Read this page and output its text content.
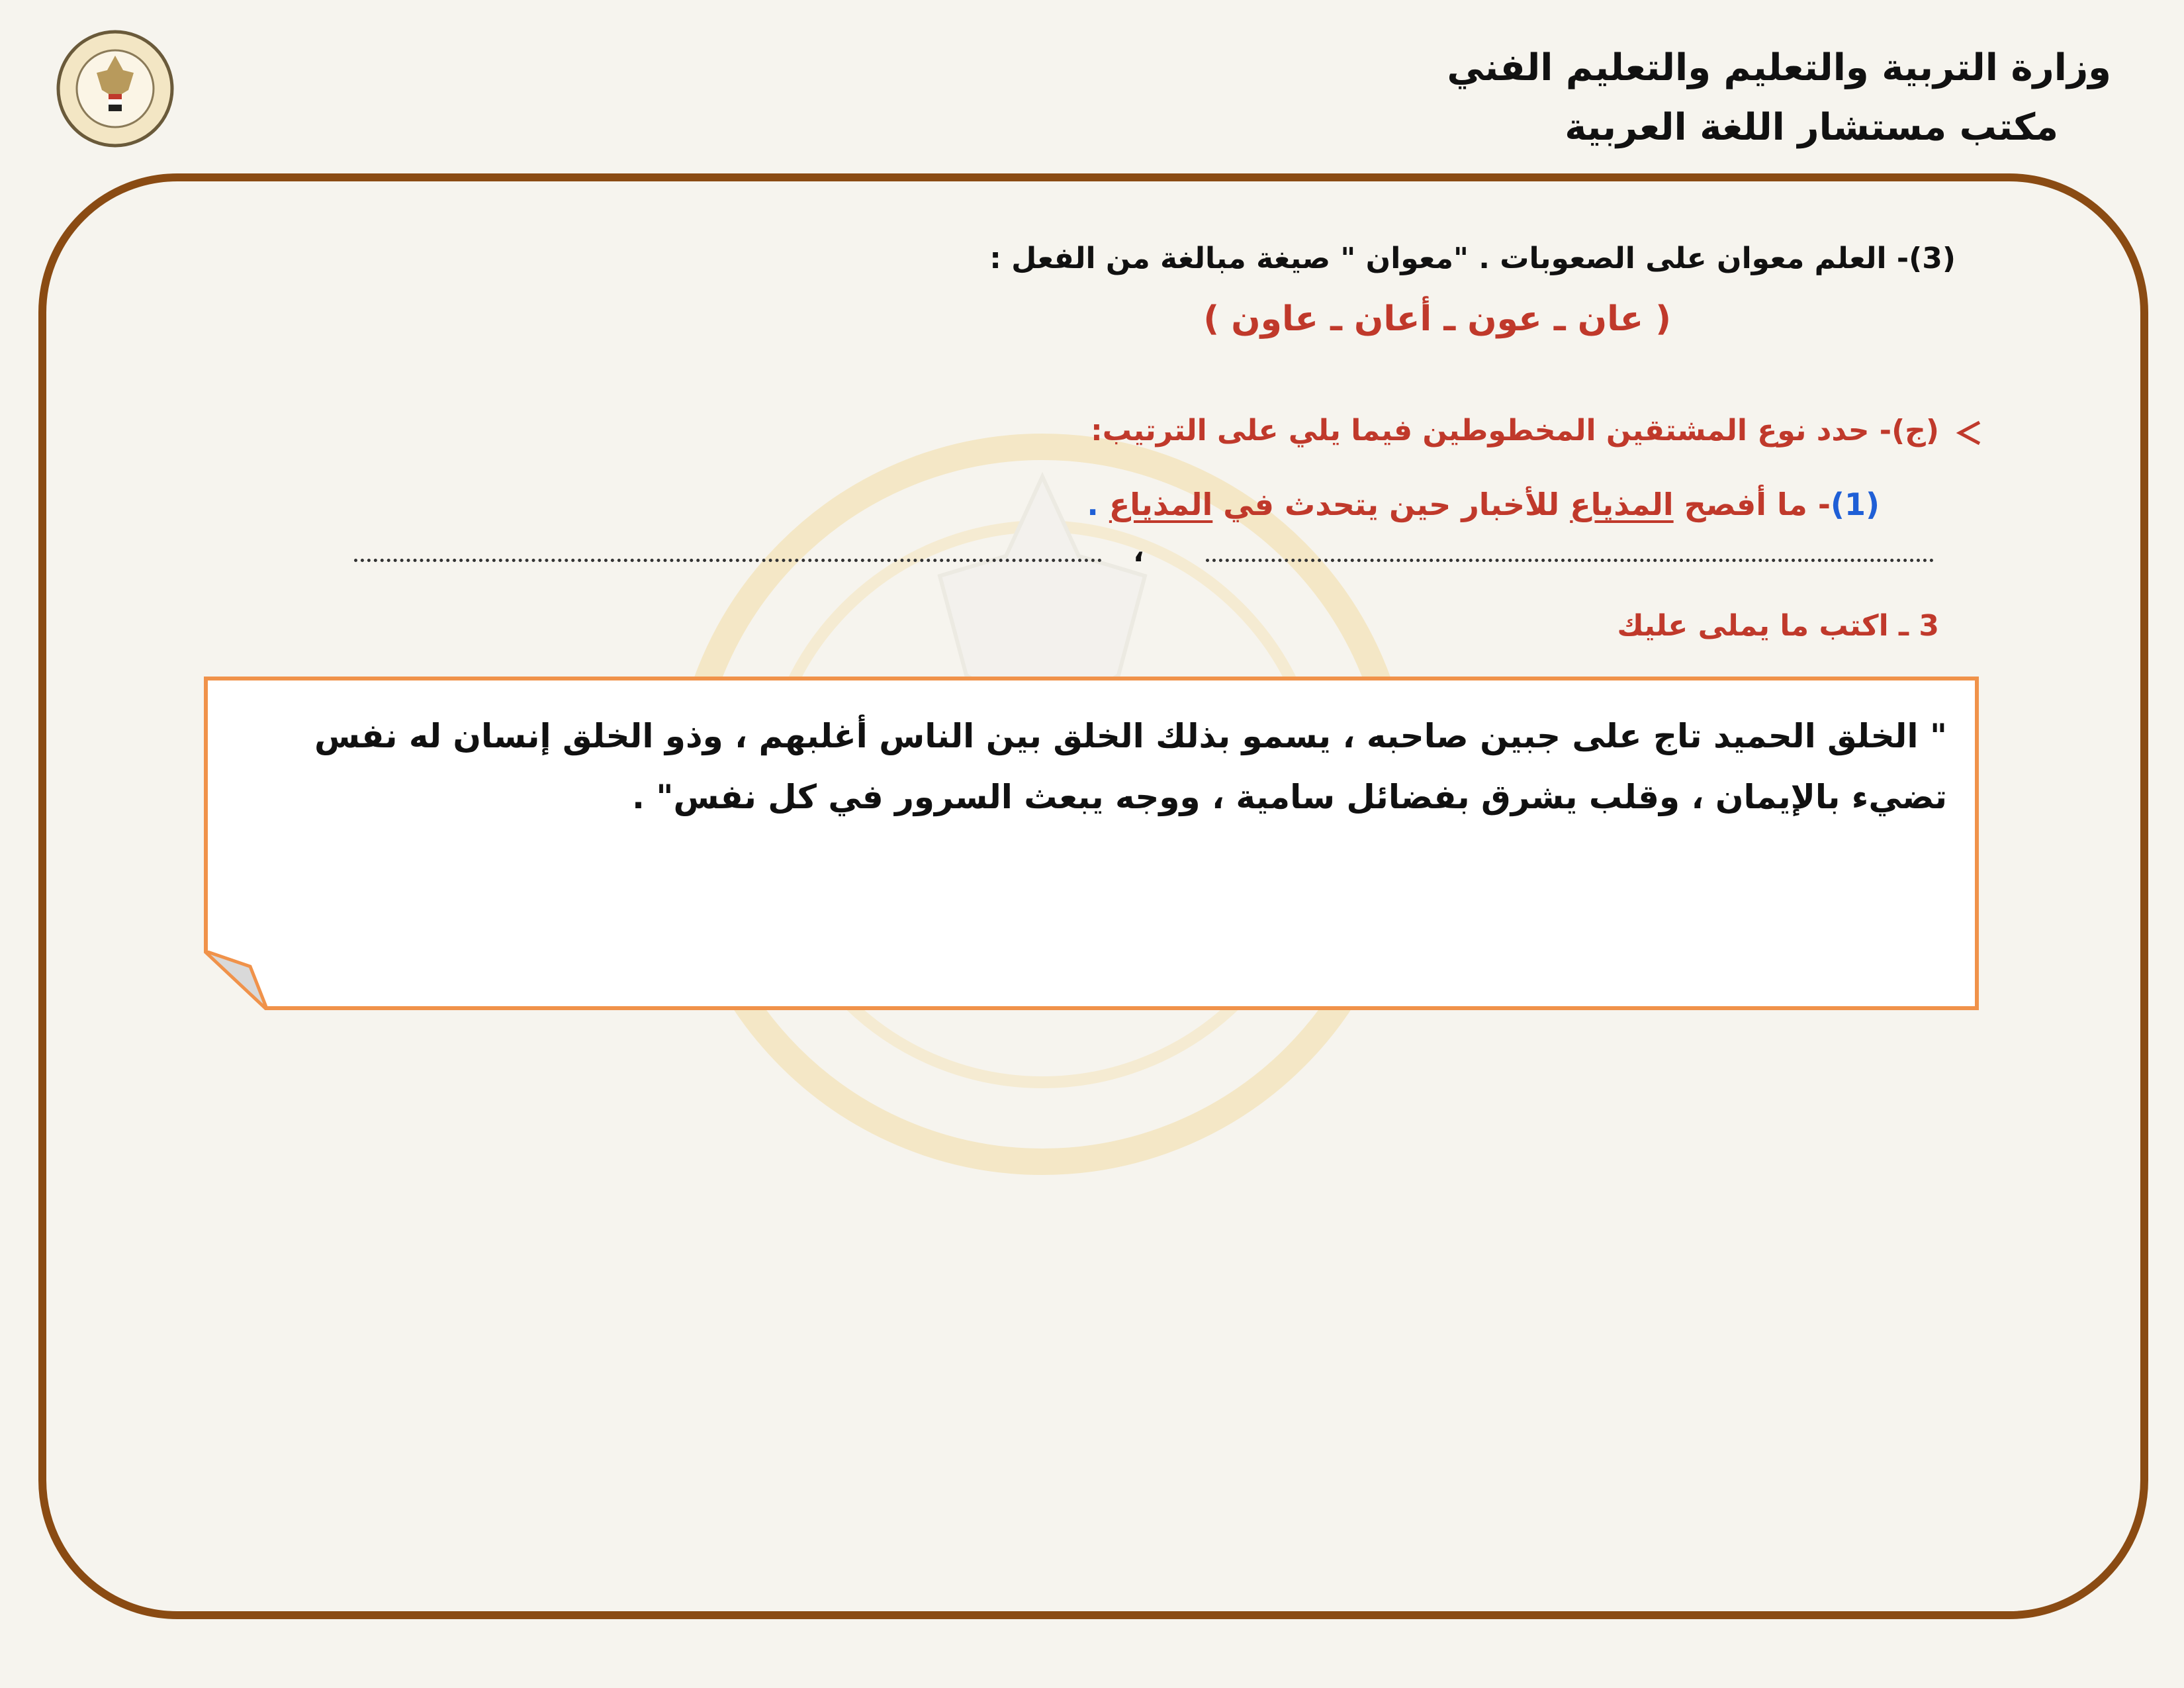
وزارة التربية والتعليم والتعليم الفني
مكتب مستشار اللغة العربية
(3)- العلم معوان على الصعوبات . "معوان " صيغة مبالغة من الفعل :
( عان ـ عون ـ أعان ـ عاون )
(ج)- حدد نوع المشتقين المخطوطين فيما يلي على الترتيب:
(1)- ما أفصح المذياع للأخبار حين يتحدث في المذياع .
،
3 ـ اكتب ما يملى عليك
" الخلق الحميد تاج على جبين صاحبه ، يسمو بذلك الخلق بين الناس أغلبهم ، وذو الخلق إنسان له نفس تضيء بالإيمان ، وقلب يشرق بفضائل سامية ، ووجه يبعث السرور في كل نفس" .
